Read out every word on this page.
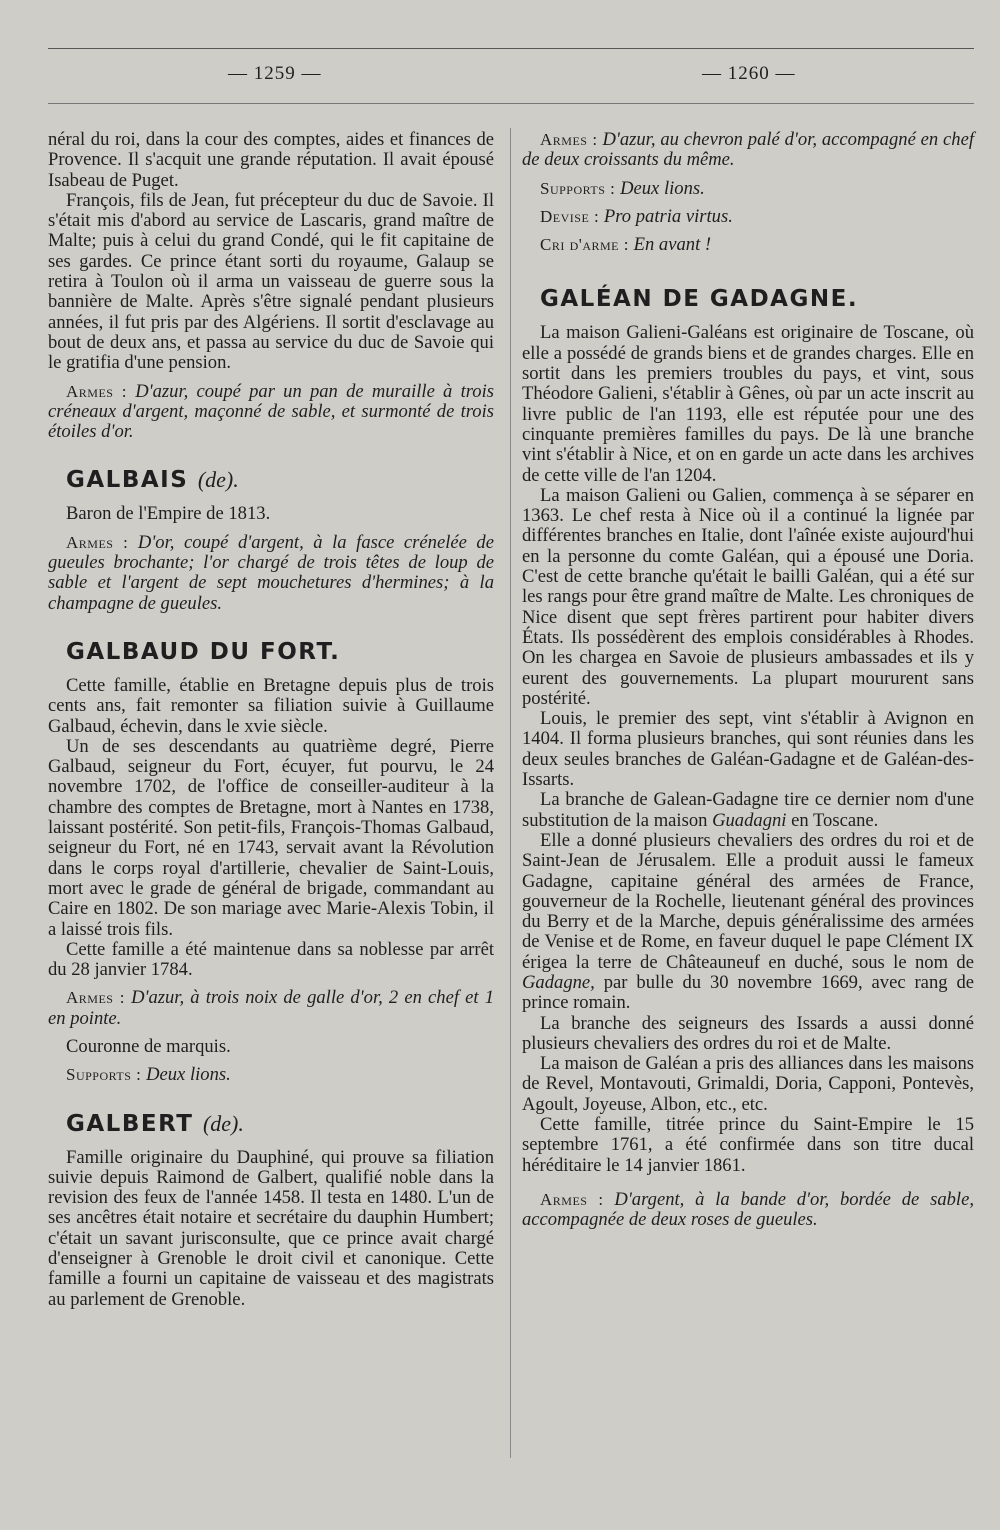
— 1259 —	— 1260 —

néral du roi, dans la cour des comptes, aides et finances de Provence. Il s'acquit une grande réputation. Il avait épousé Isabeau de Puget.

François, fils de Jean, fut précepteur du duc de Savoie. Il s'était mis d'abord au service de Lascaris, grand maître de Malte; puis à celui du grand Condé, qui le fit capitaine de ses gardes. Ce prince étant sorti du royaume, Galaup se retira à Toulon où il arma un vaisseau de guerre sous la bannière de Malte. Après s'être signalé pendant plusieurs années, il fut pris par des Algériens. Il sortit d'esclavage au bout de deux ans, et passa au service du duc de Savoie qui le gratifia d'une pension.

Armes : D'azur, coupé par un pan de muraille à trois créneaux d'argent, maçonné de sable, et surmonté de trois étoiles d'or.

GALBAIS (de).

Baron de l'Empire de 1813.

Armes : D'or, coupé d'argent, à la fasce crénelée de gueules brochante; l'or chargé de trois têtes de loup de sable et l'argent de sept mouchetures d'hermines; à la champagne de gueules.

GALBAUD DU FORT.

Cette famille, établie en Bretagne depuis plus de trois cents ans, fait remonter sa filiation suivie à Guillaume Galbaud, échevin, dans le xvie siècle.

Un de ses descendants au quatrième degré, Pierre Galbaud, seigneur du Fort, écuyer, fut pourvu, le 24 novembre 1702, de l'office de conseiller-auditeur à la chambre des comptes de Bretagne, mort à Nantes en 1738, laissant postérité. Son petit-fils, François-Thomas Galbaud, seigneur du Fort, né en 1743, servait avant la Révolution dans le corps royal d'artillerie, chevalier de Saint-Louis, mort avec le grade de général de brigade, commandant au Caire en 1802. De son mariage avec Marie-Alexis Tobin, il a laissé trois fils.

Cette famille a été maintenue dans sa noblesse par arrêt du 28 janvier 1784.

Armes : D'azur, à trois noix de galle d'or, 2 en chef et 1 en pointe.

Couronne de marquis.

Supports : Deux lions.

GALBERT (de).

Famille originaire du Dauphiné, qui prouve sa filiation suivie depuis Raimond de Galbert, qualifié noble dans la revision des feux de l'année 1458. Il testa en 1480. L'un de ses ancêtres était notaire et secrétaire du dauphin Humbert; c'était un savant jurisconsulte, que ce prince avait chargé d'enseigner à Grenoble le droit civil et canonique. Cette famille a fourni un capitaine de vaisseau et des magistrats au parlement de Grenoble.

Armes : D'azur, au chevron palé d'or, accompagné en chef de deux croissants du même.

Supports : Deux lions.

Devise : Pro patria virtus.

Cri d'arme : En avant !

GALÉAN DE GADAGNE.

La maison Galieni-Galéans est originaire de Toscane, où elle a possédé de grands biens et de grandes charges. Elle en sortit dans les premiers troubles du pays, et vint, sous Théodore Galieni, s'établir à Gênes, où par un acte inscrit au livre public de l'an 1193, elle est réputée pour une des cinquante premières familles du pays. De là une branche vint s'établir à Nice, et on en garde un acte dans les archives de cette ville de l'an 1204.

La maison Galieni ou Galien, commença à se séparer en 1363. Le chef resta à Nice où il a continué la lignée par différentes branches en Italie, dont l'aînée existe aujourd'hui en la personne du comte Galéan, qui a épousé une Doria. C'est de cette branche qu'était le bailli Galéan, qui a été sur les rangs pour être grand maître de Malte. Les chroniques de Nice disent que sept frères partirent pour habiter divers États. Ils possédèrent des emplois considérables à Rhodes. On les chargea en Savoie de plusieurs ambassades et ils y eurent des gouvernements. La plupart moururent sans postérité.

Louis, le premier des sept, vint s'établir à Avignon en 1404. Il forma plusieurs branches, qui sont réunies dans les deux seules branches de Galéan-Gadagne et de Galéan-des-Issarts.

La branche de Galean-Gadagne tire ce dernier nom d'une substitution de la maison Guadagni en Toscane.

Elle a donné plusieurs chevaliers des ordres du roi et de Saint-Jean de Jérusalem. Elle a produit aussi le fameux Gadagne, capitaine général des armées de France, gouverneur de la Rochelle, lieutenant général des provinces du Berry et de la Marche, depuis généralissime des armées de Venise et de Rome, en faveur duquel le pape Clément IX érigea la terre de Châteauneuf en duché, sous le nom de Gadagne, par bulle du 30 novembre 1669, avec rang de prince romain.

La branche des seigneurs des Issards a aussi donné plusieurs chevaliers des ordres du roi et de Malte.

La maison de Galéan a pris des alliances dans les maisons de Revel, Montavouti, Grimaldi, Doria, Capponi, Pontevès, Agoult, Joyeuse, Albon, etc., etc.

Cette famille, titrée prince du Saint-Empire le 15 septembre 1761, a été confirmée dans son titre ducal héréditaire le 14 janvier 1861.

Armes : D'argent, à la bande d'or, bordée de sable, accompagnée de deux roses de gueules.
